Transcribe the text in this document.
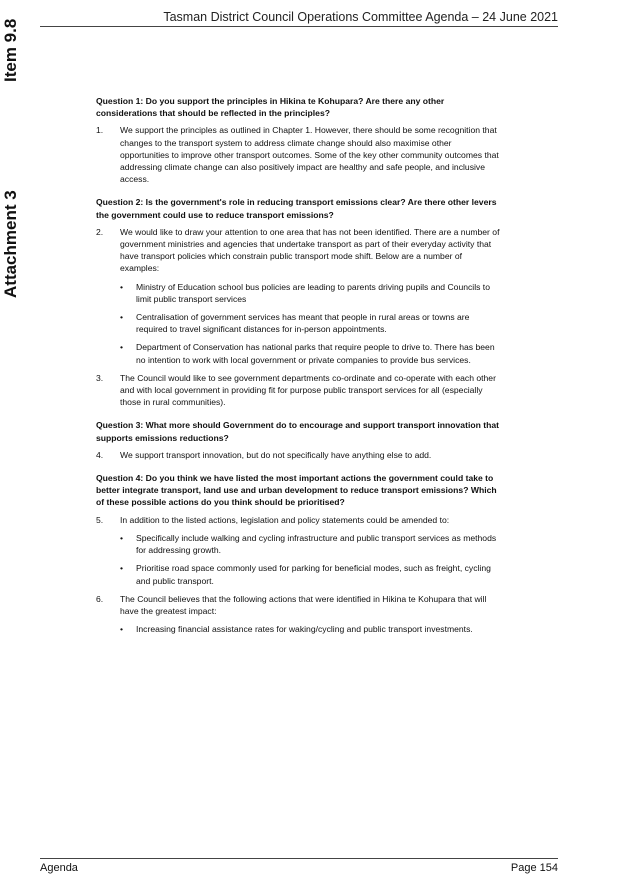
Item 9.8
Attachment 3
Tasman District Council Operations Committee Agenda – 24 June 2021
Question 1: Do you support the principles in Hikina te Kohupara? Are there any other considerations that should be reflected in the principles?
1.	We support the principles as outlined in Chapter 1. However, there should be some recognition that changes to the transport system to address climate change should also maximise other opportunities to improve other transport outcomes. Some of the key other community outcomes that addressing climate change can also positively impact are healthy and safe people, and inclusive access.
Question 2: Is the government's role in reducing transport emissions clear? Are there other levers the government could use to reduce transport emissions?
2.	We would like to draw your attention to one area that has not been identified. There are a number of government ministries and agencies that undertake transport as part of their everyday activity that have transport policies which constrain public transport mode shift. Below are a number of examples:
•	Ministry of Education school bus policies are leading to parents driving pupils and Councils to limit public transport services
•	Centralisation of government services has meant that people in rural areas or towns are required to travel significant distances for in-person appointments.
•	Department of Conservation has national parks that require people to drive to. There has been no intention to work with local government or private companies to provide bus services.
3.	The Council would like to see government departments co-ordinate and co-operate with each other and with local government in providing fit for purpose public transport services for all (especially those in rural communities).
Question 3: What more should Government do to encourage and support transport innovation that supports emissions reductions?
4.	We support transport innovation, but do not specifically have anything else to add.
Question 4: Do you think we have listed the most important actions the government could take to better integrate transport, land use and urban development to reduce transport emissions? Which of these possible actions do you think should be prioritised?
5.	In addition to the listed actions, legislation and policy statements could be amended to:
•	Specifically include walking and cycling infrastructure and public transport services as methods for addressing growth.
•	Prioritise road space commonly used for parking for beneficial modes, such as freight, cycling and public transport.
6.	The Council believes that the following actions that were identified in Hikina te Kohupara that will have the greatest impact:
•	Increasing financial assistance rates for waking/cycling and public transport investments.
Agenda	Page 154
